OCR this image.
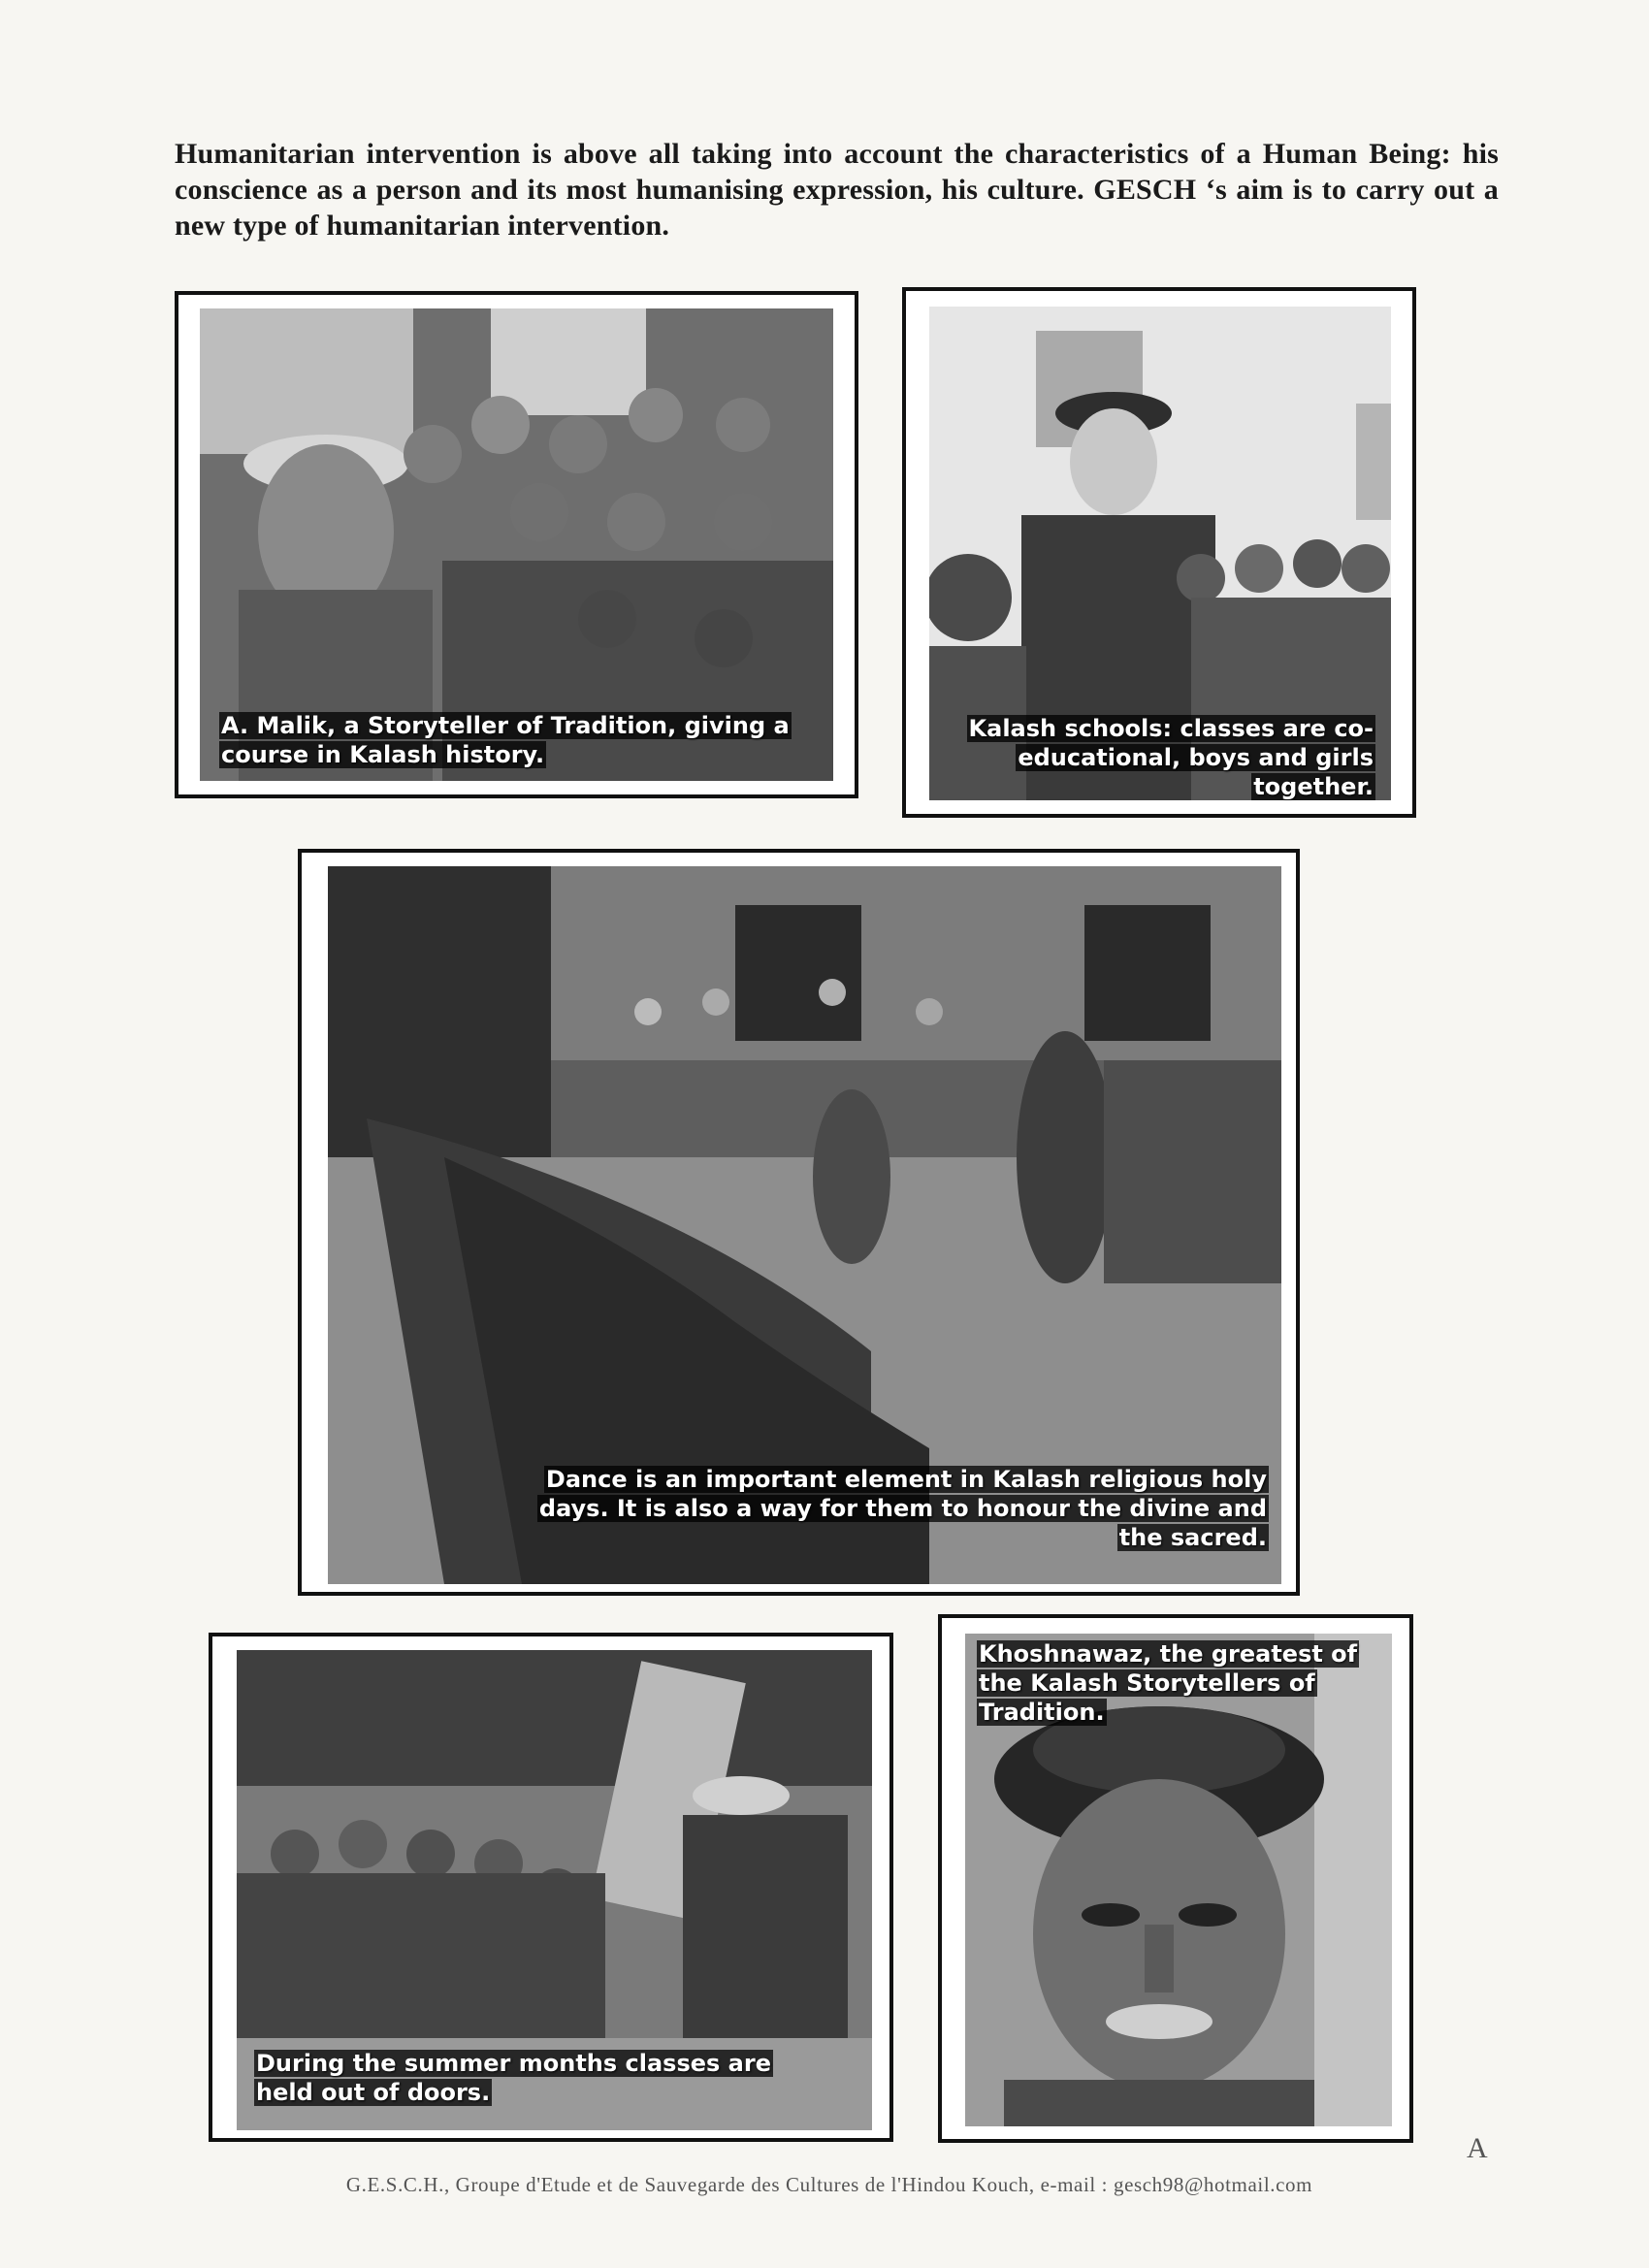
Humanitarian intervention is above all taking into account the characteristics of a Human Being: his conscience as a person and its most humanising expression, his culture. GESCH ‘s aim is to carry out a new type of humanitarian intervention.
A. Malik, a Storyteller of Tradition, giving a course in Kalash history.
Kalash schools: classes are co-educational, boys and girls together.
Dance is an important element in Kalash religious holy days. It is also a way for them to honour the divine and the sacred.
During the summer months classes are held out of doors.
Khoshnawaz, the greatest of the Kalash Storytellers of Tradition.
A
G.E.S.C.H., Groupe d'Etude et de Sauvegarde des Cultures de l'Hindou Kouch, e-mail : gesch98@hotmail.com
